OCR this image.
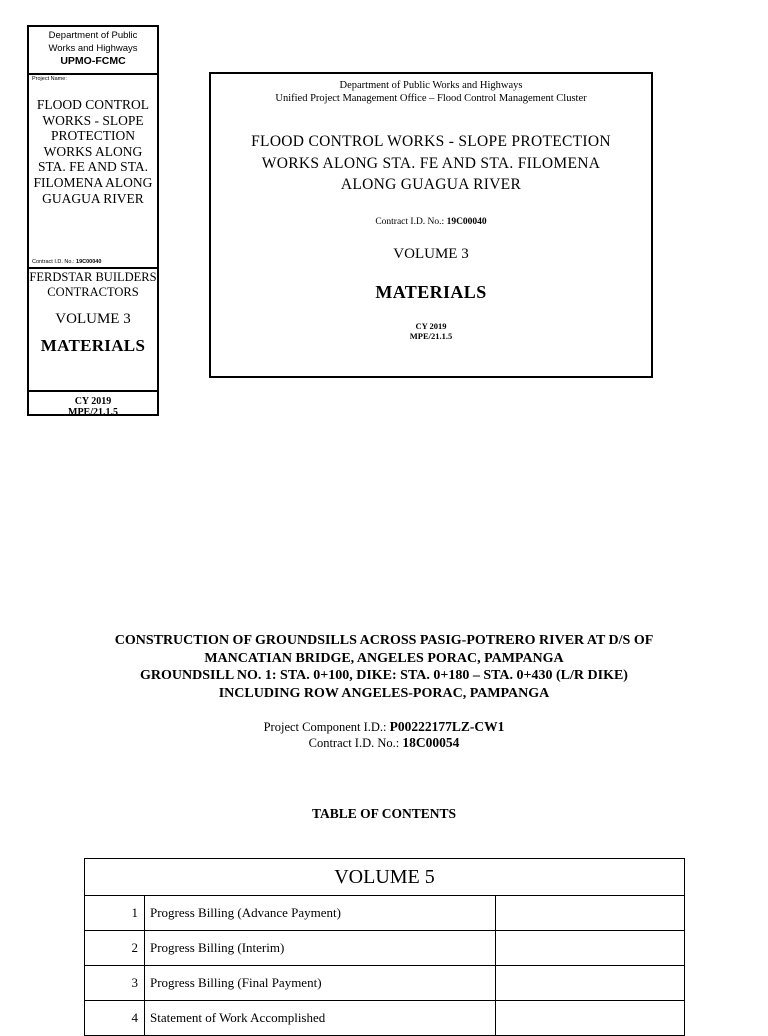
Department of Public
Works and Highways
UPMO-FCMC
Project Name:
FLOOD CONTROL WORKS - SLOPE PROTECTION WORKS ALONG STA. FE AND STA. FILOMENA ALONG GUAGUA RIVER
Contract I.D. No.: 19C00040
FERDSTAR BUILDERS CONTRACTORS
VOLUME 3
MATERIALS
CY 2019
MPE/21.1.5
Department of Public Works and Highways
Unified Project Management Office – Flood Control Management Cluster
FLOOD CONTROL WORKS - SLOPE PROTECTION
WORKS ALONG STA. FE AND STA. FILOMENA
ALONG GUAGUA RIVER
Contract I.D. No.: 19C00040
VOLUME 3
MATERIALS
CY 2019
MPE/21.1.5
CONSTRUCTION OF GROUNDSILLS ACROSS PASIG-POTRERO RIVER AT D/S OF
MANCATIAN BRIDGE, ANGELES PORAC, PAMPANGA
GROUNDSILL NO. 1: STA. 0+100, DIKE: STA. 0+180 – STA. 0+430 (L/R DIKE)
INCLUDING ROW ANGELES-PORAC, PAMPANGA
Project Component I.D.: P00222177LZ-CW1
Contract I.D. No.: 18C00054
TABLE OF CONTENTS
VOLUME 5		
1	Progress Billing (Advance Payment)	
2	Progress Billing (Interim)	
3	Progress Billing (Final Payment)	
4	Statement of Work Accomplished	
